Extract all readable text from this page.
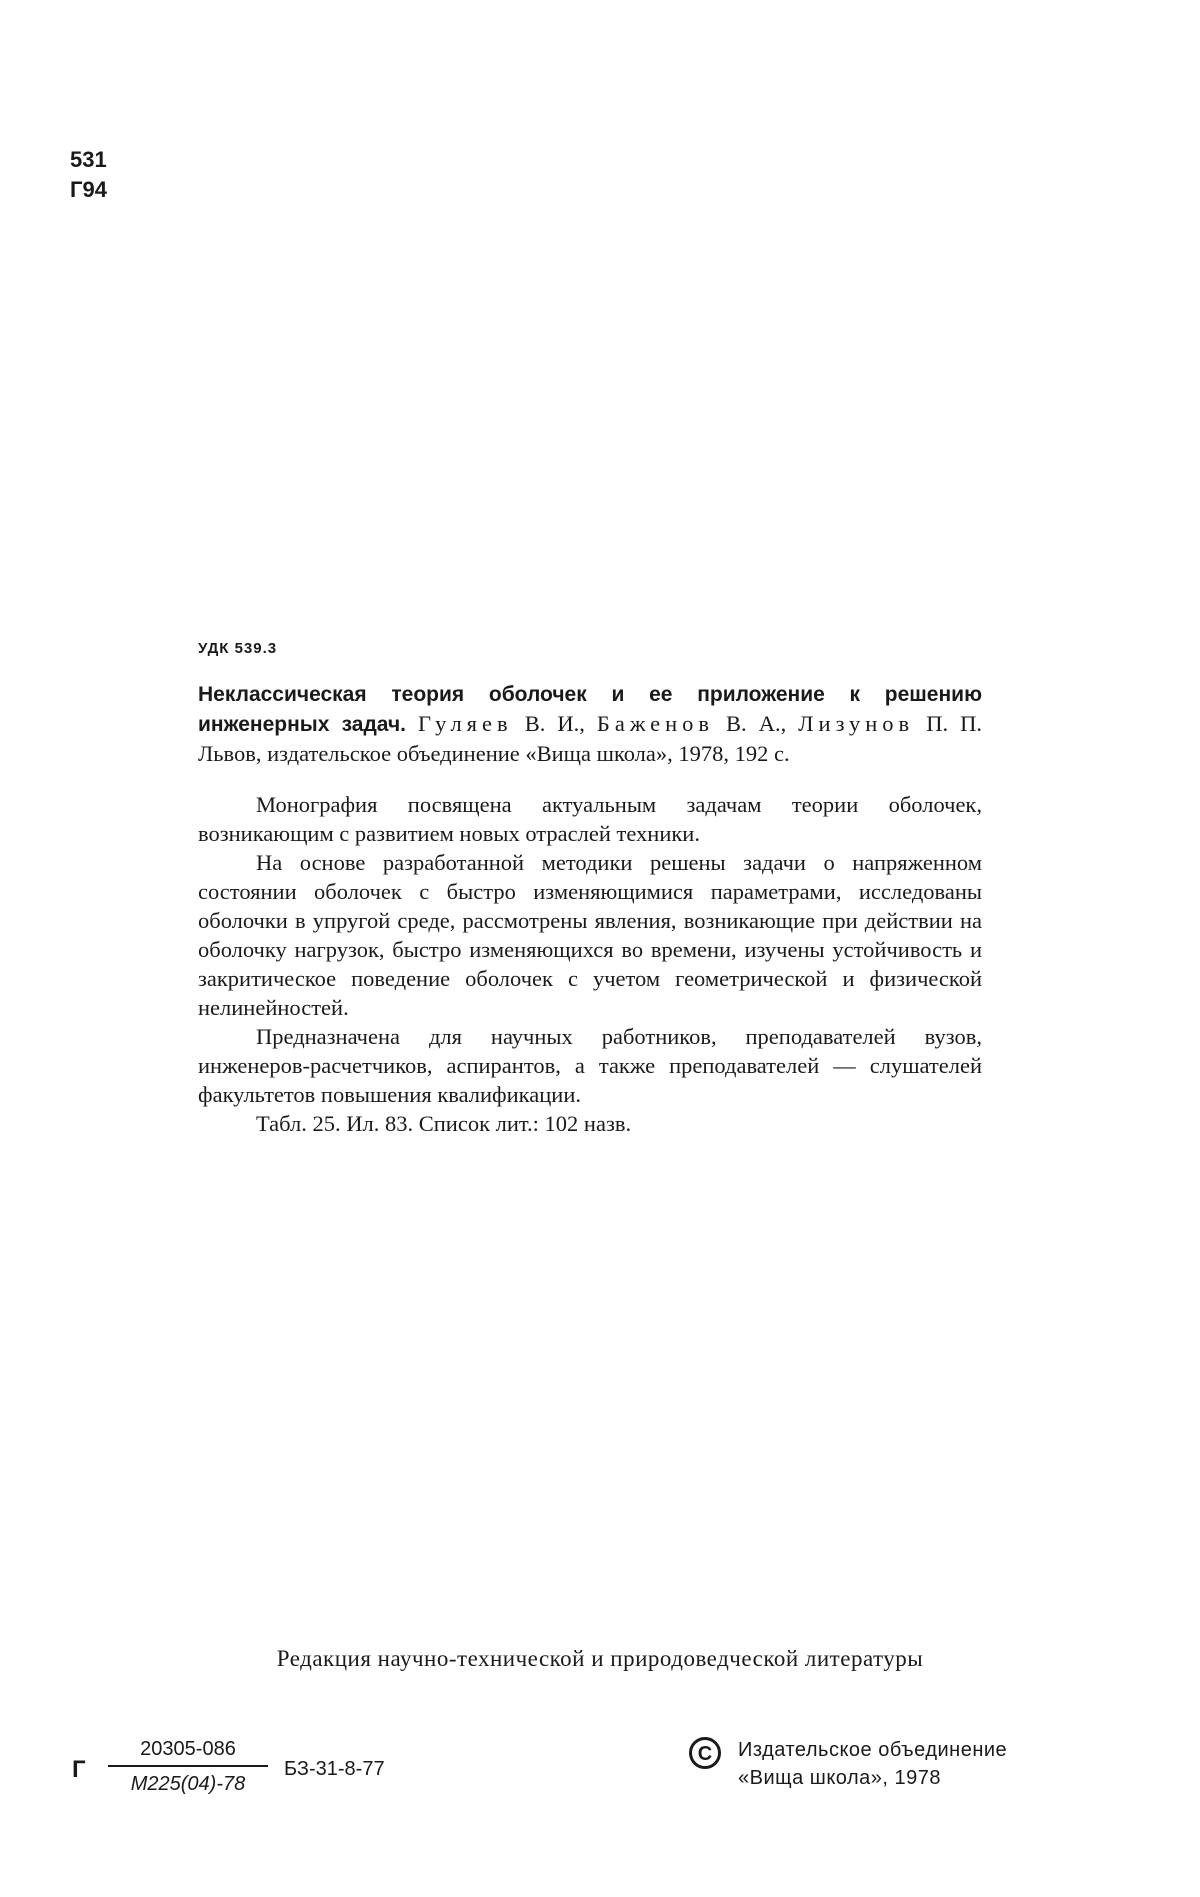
531
Г94
УДК 539.3

Неклассическая теория оболочек и ее приложение к решению инженерных задач. Гуляев В. И., Баженов В. А., Лизунов П. П. Львов, издательское объединение «Вища школа», 1978, 192 с.

Монография посвящена актуальным задачам теории оболочек, возникающим с развитием новых отраслей техники.

На основе разработанной методики решены задачи о напряженном состоянии оболочек с быстро изменяющимися параметрами, исследованы оболочки в упругой среде, рассмотрены явления, возникающие при действии на оболочку нагрузок, быстро изменяющихся во времени, изучены устойчивость и закритическое поведение оболочек с учетом геометрической и физической нелинейностей.

Предназначена для научных работников, преподавателей вузов, инженеров-расчетчиков, аспирантов, а также преподавателей — слушателей факультетов повышения квалификации.

Табл. 25. Ил. 83. Список лит.: 102 назв.

Редакция научно-технической и природоведческой литературы
Г
20305-086
М225(04)-78
БЗ-31-8-77
C Издательское объединение
«Вища школа», 1978
